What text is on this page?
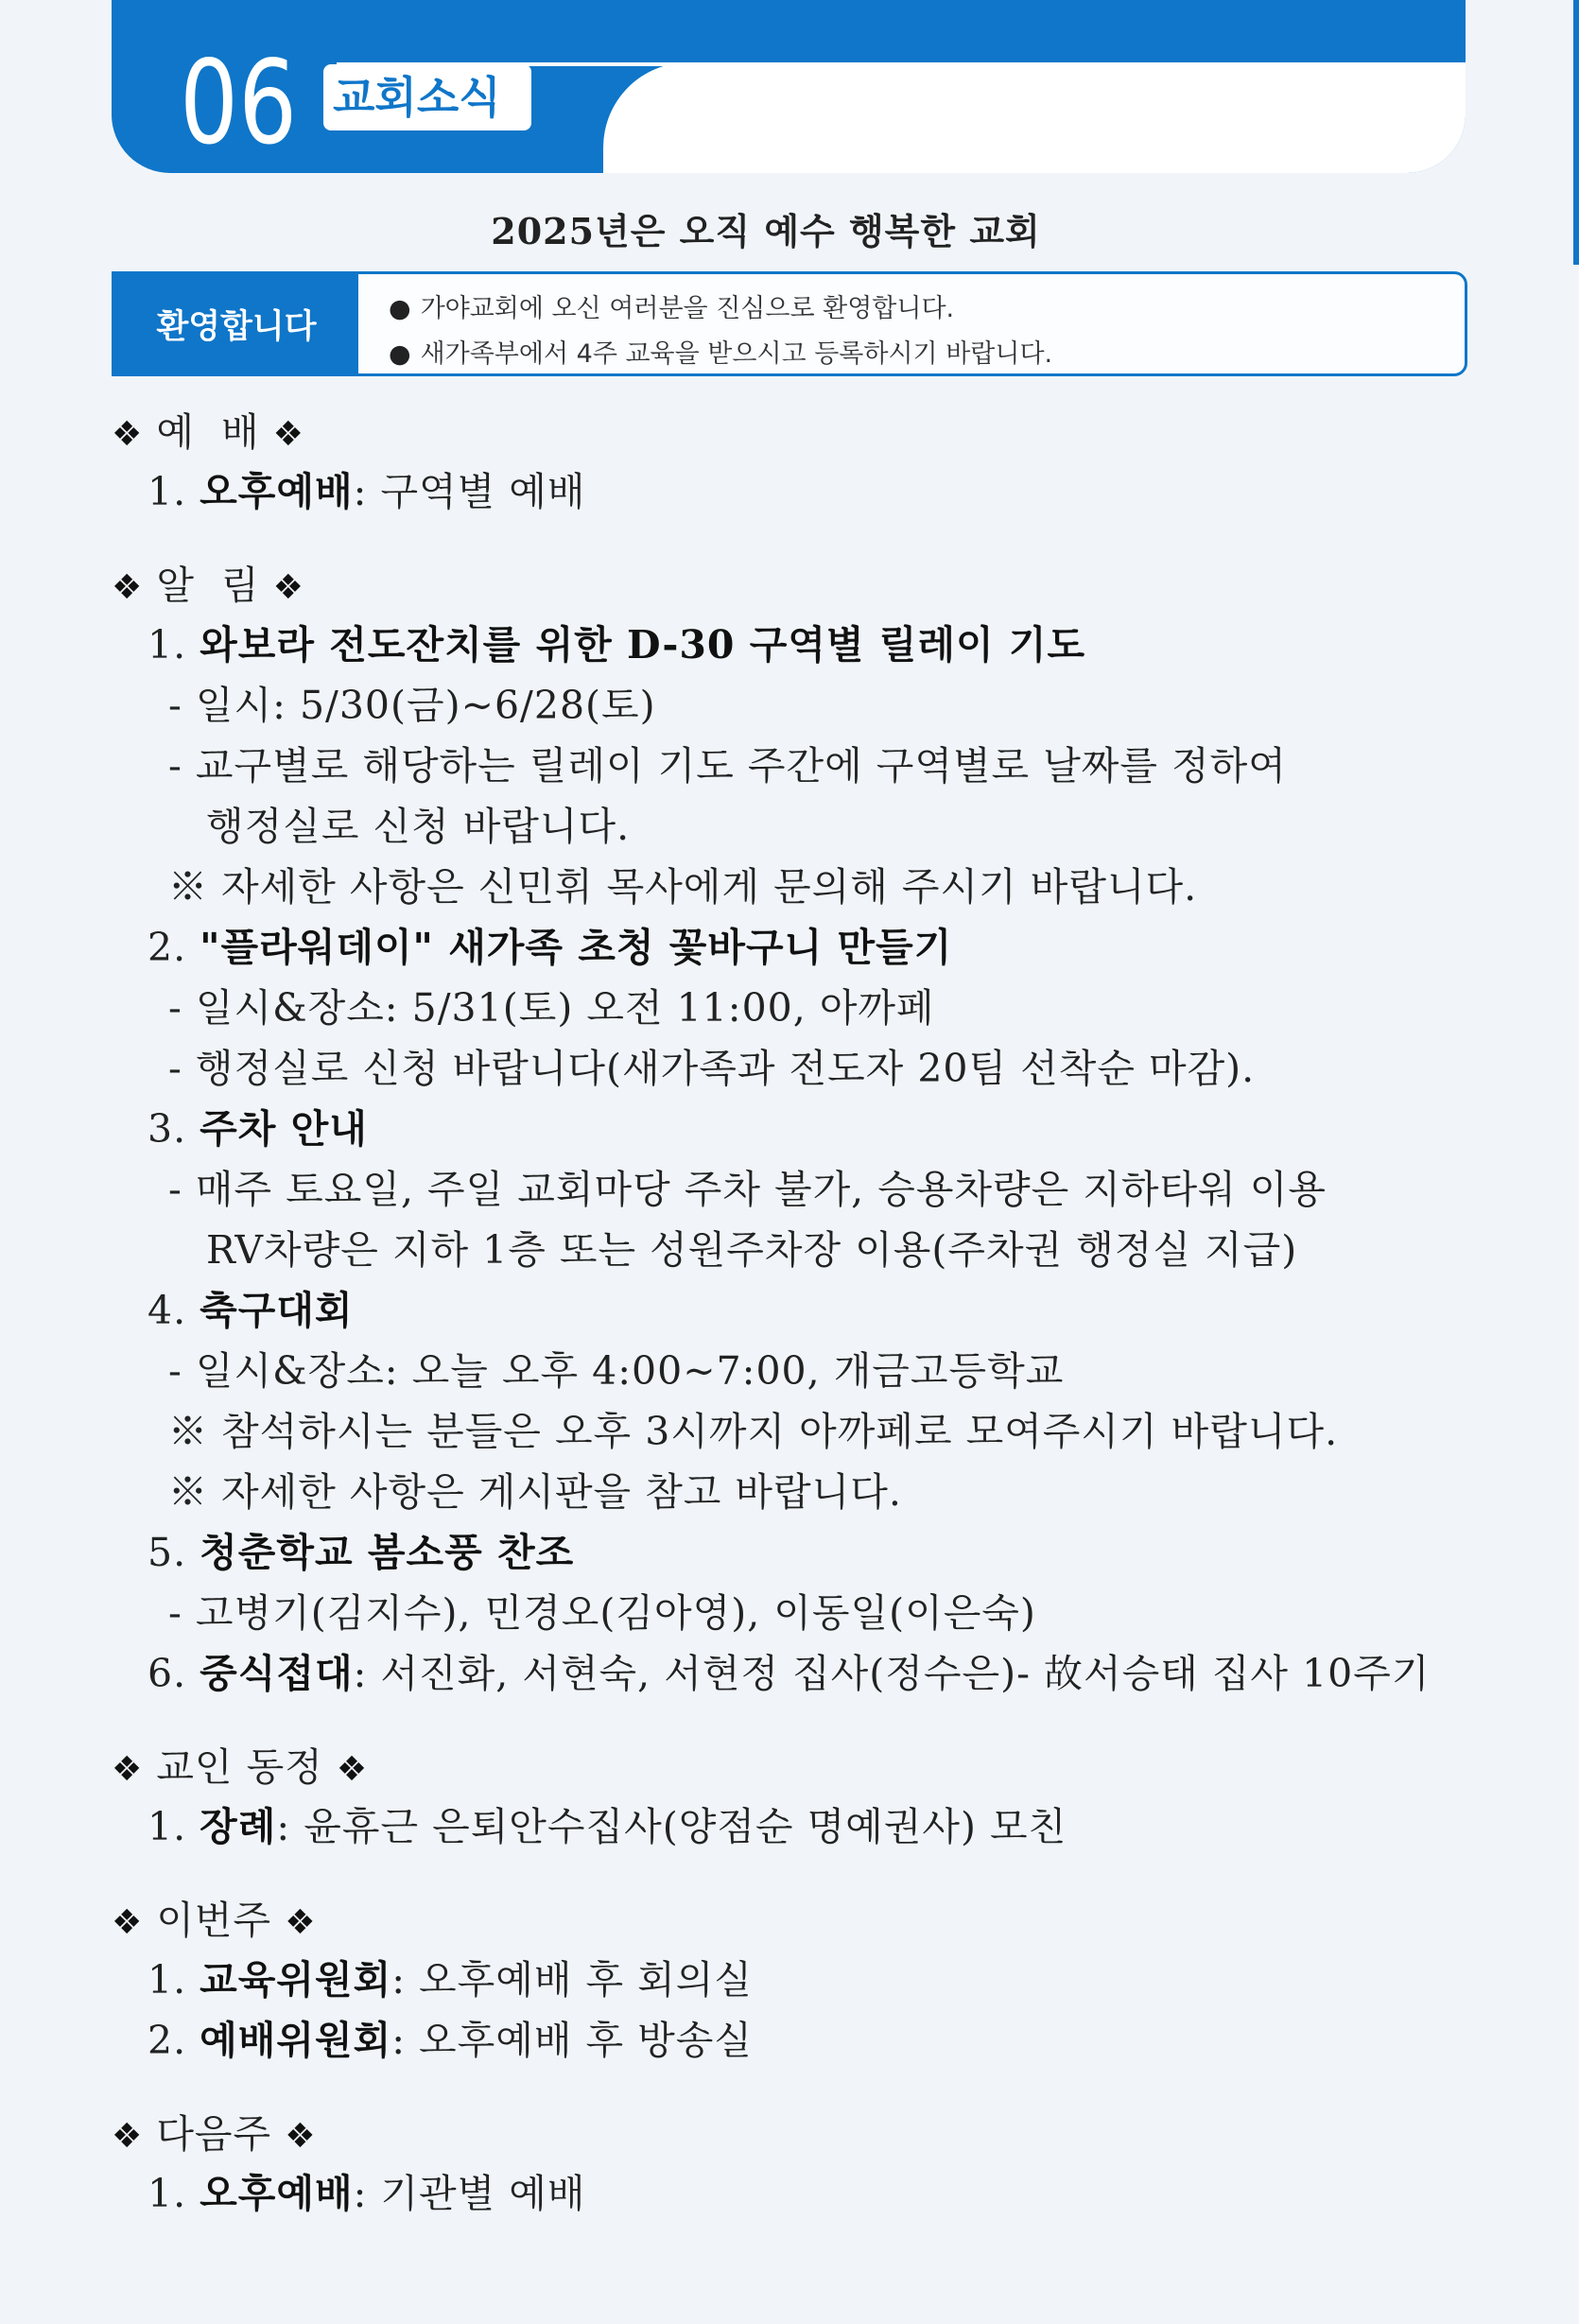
06 교회소식
2025년은 오직 예수 행복한 교회
환영합니다	● 가야교회에 오신 여러분을 진심으로 환영합니다.
● 새가족부에서 4주 교육을 받으시고 등록하시기 바랍니다.
❖ 예  배 ❖
1. 오후예배: 구역별 예배
❖ 알  림 ❖
1. 와보라 전도잔치를 위한 D-30 구역별 릴레이 기도
- 일시: 5/30(금)~6/28(토)
- 교구별로 해당하는 릴레이 기도 주간에 구역별로 날짜를 정하여
행정실로 신청 바랍니다.
※ 자세한 사항은 신민휘 목사에게 문의해 주시기 바랍니다.
2. "플라워데이" 새가족 초청 꽃바구니 만들기
- 일시&장소: 5/31(토) 오전 11:00, 아까페
- 행정실로 신청 바랍니다(새가족과 전도자 20팀 선착순 마감).
3. 주차 안내
- 매주 토요일, 주일 교회마당 주차 불가, 승용차량은 지하타워 이용
RV차량은 지하 1층 또는 성원주차장 이용(주차권 행정실 지급)
4. 축구대회
- 일시&장소: 오늘 오후 4:00~7:00, 개금고등학교
※ 참석하시는 분들은 오후 3시까지 아까페로 모여주시기 바랍니다.
※ 자세한 사항은 게시판을 참고 바랍니다.
5. 청춘학교 봄소풍 찬조
- 고병기(김지수), 민경오(김아영), 이동일(이은숙)
6. 중식접대: 서진화, 서현숙, 서현정 집사(정수은)- 故서승태 집사 10주기
❖ 교인 동정 ❖
1. 장례: 윤휴근 은퇴안수집사(양점순 명예권사) 모친
❖ 이번주 ❖
1. 교육위원회: 오후예배 후 회의실
2. 예배위원회: 오후예배 후 방송실
❖ 다음주 ❖
1. 오후예배: 기관별 예배
